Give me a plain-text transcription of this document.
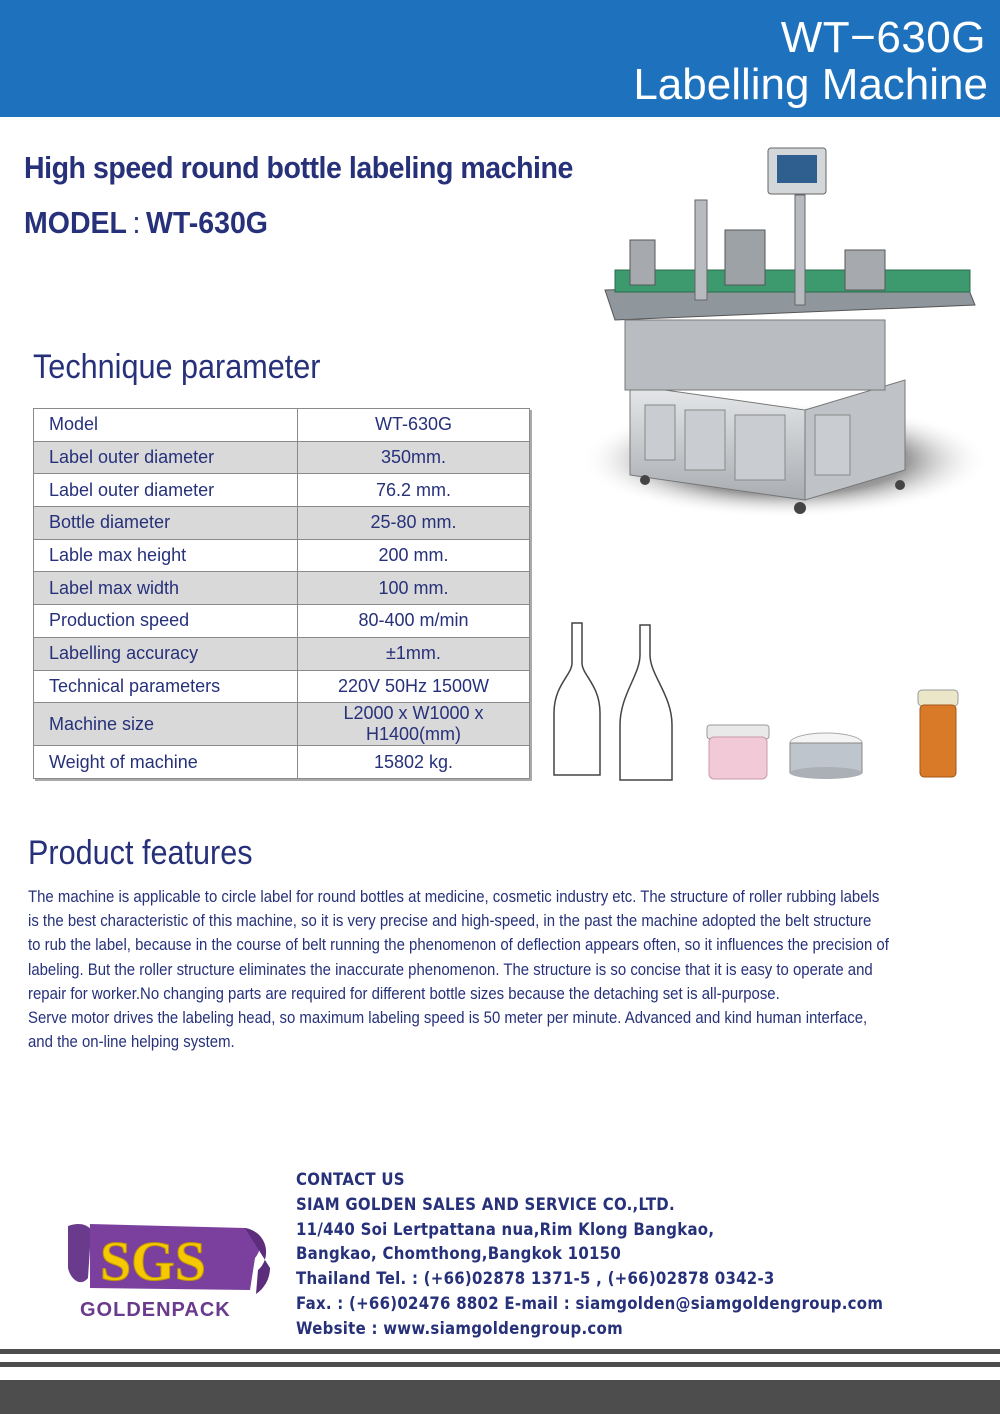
WT−630G
Labelling Machine
High speed round bottle labeling machine
MODEL : WT-630G
Technique parameter
Model	WT-630G
Label outer diameter	350mm.
Label outer diameter	76.2 mm.
Bottle diameter	25-80 mm.
Lable max height	200 mm.
Label max width	100 mm.
Production speed	80-400 m/min
Labelling accuracy	±1mm.
Technical parameters	220V 50Hz 1500W
Machine size	L2000 x W1000 x H1400(mm)
Weight of machine	15802 kg.
Product features

The machine is applicable to circle label for round bottles at medicine, cosmetic industry etc. The structure of roller rubbing labels

is the best characteristic of this machine, so it is very precise and high-speed, in the past the machine adopted the belt structure

to rub the label, because in the course of belt running the phenomenon of deflection appears often, so it influences the precision of

labeling. But the roller structure eliminates the inaccurate phenomenon. The structure is so concise that it is easy to operate and

repair for worker.No changing parts are required for different bottle sizes because the detaching set is all-purpose.

Serve motor drives the labeling head, so maximum labeling speed is 50 meter per minute. Advanced and kind human interface,

and the on-line helping system.

SGS
GOLDENPACK
CONTACT US
SIAM GOLDEN SALES AND SERVICE CO.,LTD.
11/440 Soi Lertpattana nua,Rim Klong Bangkao,
Bangkao, Chomthong,Bangkok 10150
Thailand Tel. : (+66)02878 1371-5 , (+66)02878 0342-3
Fax. : (+66)02476 8802 E-mail : siamgolden@siamgoldengroup.com
Website : www.siamgoldengroup.com
